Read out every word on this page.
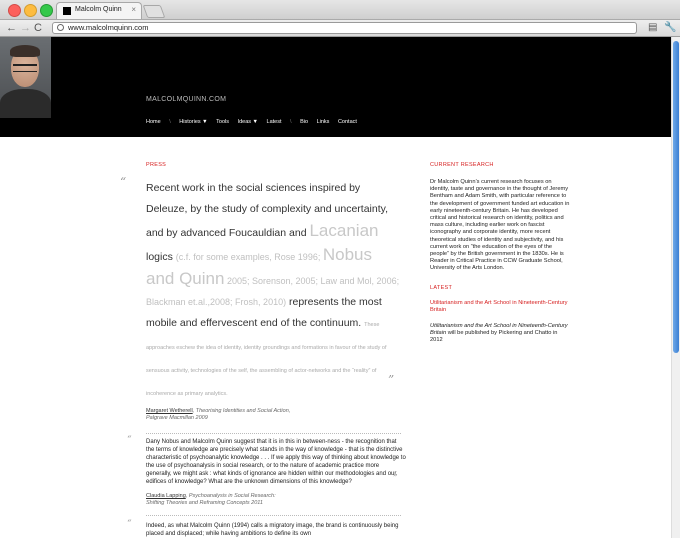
Malcolm Quinn ×
← → C	www.malcolmquinn.com	▤ 🔧
MALCOLMQUINN.COM
Home \ Histories ▼ Tools Ideas ▼ Latest \ Bio Links Contact
PRESS
“ Recent work in the social sciences inspired by Deleuze, by the study of complexity and uncertainty, and by advanced Foucauldian and Lacanian logics (c.f. for some examples, Rose 1996; Nobus and Quinn 2005; Sorenson, 2005; Law and Mol, 2006; Blackman et.al.,2008; Frosh, 2010) represents the most mobile and effervescent end of the continuum. These approaches eschew the idea of identity, identity groundings and formations in favour of the study of sensuous activity, technologies of the self, the assembling of actor-networks and the “reality” of incoherence as primary analytics.
”
Margaret Wetherell, Theorising Identities and Social Action,
Palgrave Macmillan 2009
“ Dany Nobus and Malcolm Quinn suggest that it is in this in between-ness - the recognition that the terms of knowledge are precisely what stands in the way of knowledge - that is the distinctive characteristic of psychoanalytic knowledge . . . If we apply this way of thinking about knowledge to the use of psychoanalysis in social research, or to the nature of academic practice more generally, we might ask : what kinds of ignorance are hidden within our methodologies and our edifices of knowledge? What are the unknown dimensions of this knowledge?	”
Claudia Lapping, Psychoanalysis in Social Research:
Shifting Theories and Reframing Concepts 2011
“ Indeed, as what Malcolm Quinn (1994) calls a migratory image, the brand is continuously being placed and displaced; while having ambitions to define its own
CURRENT RESEARCH
Dr Malcolm Quinn’s current research focuses on identity, taste and governance in the thought of Jeremy Bentham and Adam Smith, with particular reference to the development of government funded art education in early nineteenth-century Britain. He has developed critical and historical research on identity, politics and mass culture, including earlier work on fascist iconography and corporate identity, more recent theoretical studies of identity and subjectivity, and his current work on “the education of the eyes of the people” by the British government in the 1830s. He is Reader in Critical Practice in CCW Graduate School, University of the Arts London.
LATEST
Utilitarianism and the Art School in Nineteenth-Century Britain
Utilitarianism and the Art School in Nineteenth-Century Britain will be published by Pickering and Chatto in 2012
